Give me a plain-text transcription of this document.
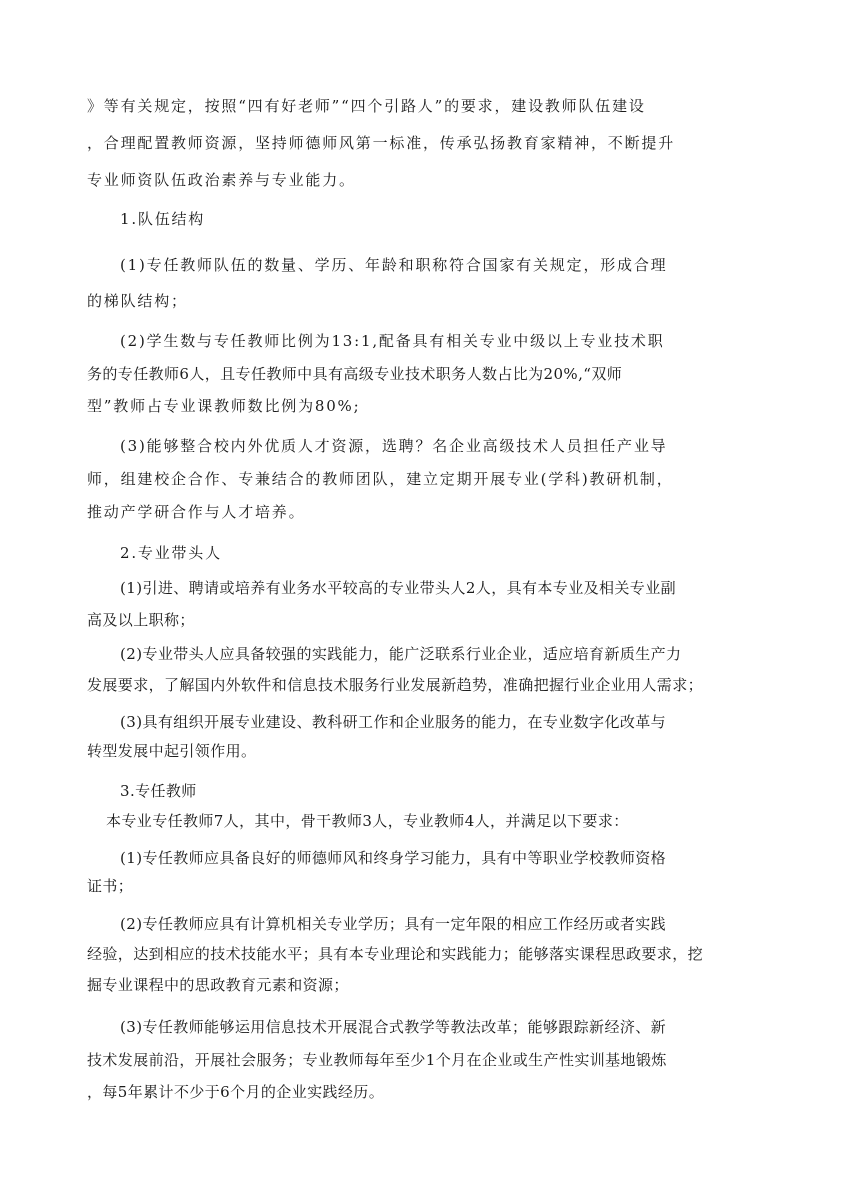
》等有关规定，按照“四有好老师”“四个引路人”的要求，建设教师队伍建设
，合理配置教师资源，坚持师德师风第一标准，传承弘扬教育家精神，不断提升
专业师资队伍政治素养与专业能力。
1.队伍结构
(1)专任教师队伍的数量、学历、年龄和职称符合国家有关规定，形成合理
的梯队结构；
(2)学生数与专任教师比例为13:1,配备具有相关专业中级以上专业技术职
务的专任教师6人，且专任教师中具有高级专业技术职务人数占比为20%,“双师
型”教师占专业课教师数比例为80%;
(3)能够整合校内外优质人才资源，选聘？名企业高级技术人员担任产业导
师，组建校企合作、专兼结合的教师团队，建立定期开展专业(学科)教研机制，
推动产学研合作与人才培养。
2.专业带头人
(1)引进、聘请或培养有业务水平较高的专业带头人2人，具有本专业及相关专业副
高及以上职称；
(2)专业带头人应具备较强的实践能力，能广泛联系行业企业，适应培育新质生产力
发展要求，了解国内外软件和信息技术服务行业发展新趋势，准确把握行业企业用人需求；
(3)具有组织开展专业建设、教科研工作和企业服务的能力，在专业数字化改革与
转型发展中起引领作用。
3.专任教师
本专业专任教师7人，其中，骨干教师3人，专业教师4人，并满足以下要求：
(1)专任教师应具备良好的师德师风和终身学习能力，具有中等职业学校教师资格
证书；
(2)专任教师应具有计算机相关专业学历；具有一定年限的相应工作经历或者实践
经验，达到相应的技术技能水平；具有本专业理论和实践能力；能够落实课程思政要求，挖
掘专业课程中的思政教育元素和资源；
(3)专任教师能够运用信息技术开展混合式教学等教法改革；能够跟踪新经济、新
技术发展前沿，开展社会服务；专业教师每年至少1个月在企业或生产性实训基地锻炼
，每5年累计不少于6个月的企业实践经历。
